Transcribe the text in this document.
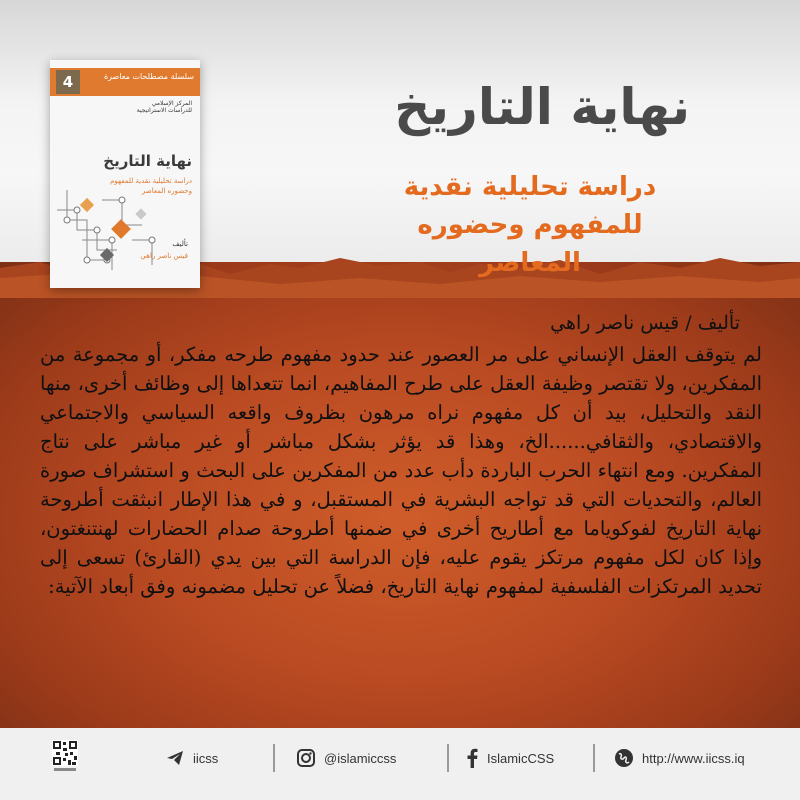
4	سلسلة مصطلحات معاصرة
المركز الإسلامي للدراسات الاستراتيجية
نهاية التاريخ
دراسة تحليلية نقدية للمفهوم وحضوره المعاصر
تأليف
قيس ناصر راهي
نهاية التاريخ
دراسة تحليلية نقدية
للمفهوم وحضوره المعاصر
تأليف / قيس ناصر راهي

لم يتوقف العقل الإنساني على مر العصور عند حدود مفهوم طرحه مفكر، أو مجموعة من المفكرين، ولا تقتصر وظيفة العقل على طرح المفاهيم، انما تتعداها إلى وظائف أخرى، منها النقد والتحليل، بيد أن كل مفهوم نراه مرهون بظروف واقعه السياسي والاجتماعي والاقتصادي، والثقافي......الخ، وهذا قد يؤثر بشكل مباشر أو غير مباشر على نتاج المفكرين. ومع انتهاء الحرب الباردة دأب عدد من المفكرين على البحث و استشراف صورة العالم، والتحديات التي قد تواجه البشرية في المستقبل، و في هذا الإطار انبثقت أطروحة نهاية التاريخ لفوكوياما مع أطاريح أخرى في ضمنها أطروحة صدام الحضارات لهنتنغتون، وإذا كان لكل مفهوم مرتكز يقوم عليه، فإن الدراسة التي بين يدي (القارئ) تسعى إلى تحديد المرتكزات الفلسفية لمفهوم نهاية التاريخ، فضلاً عن تحليل مضمونه وفق أبعاد الآتية:

iicss	@islamiccss	IslamicCSS	http://www.iicss.iq
